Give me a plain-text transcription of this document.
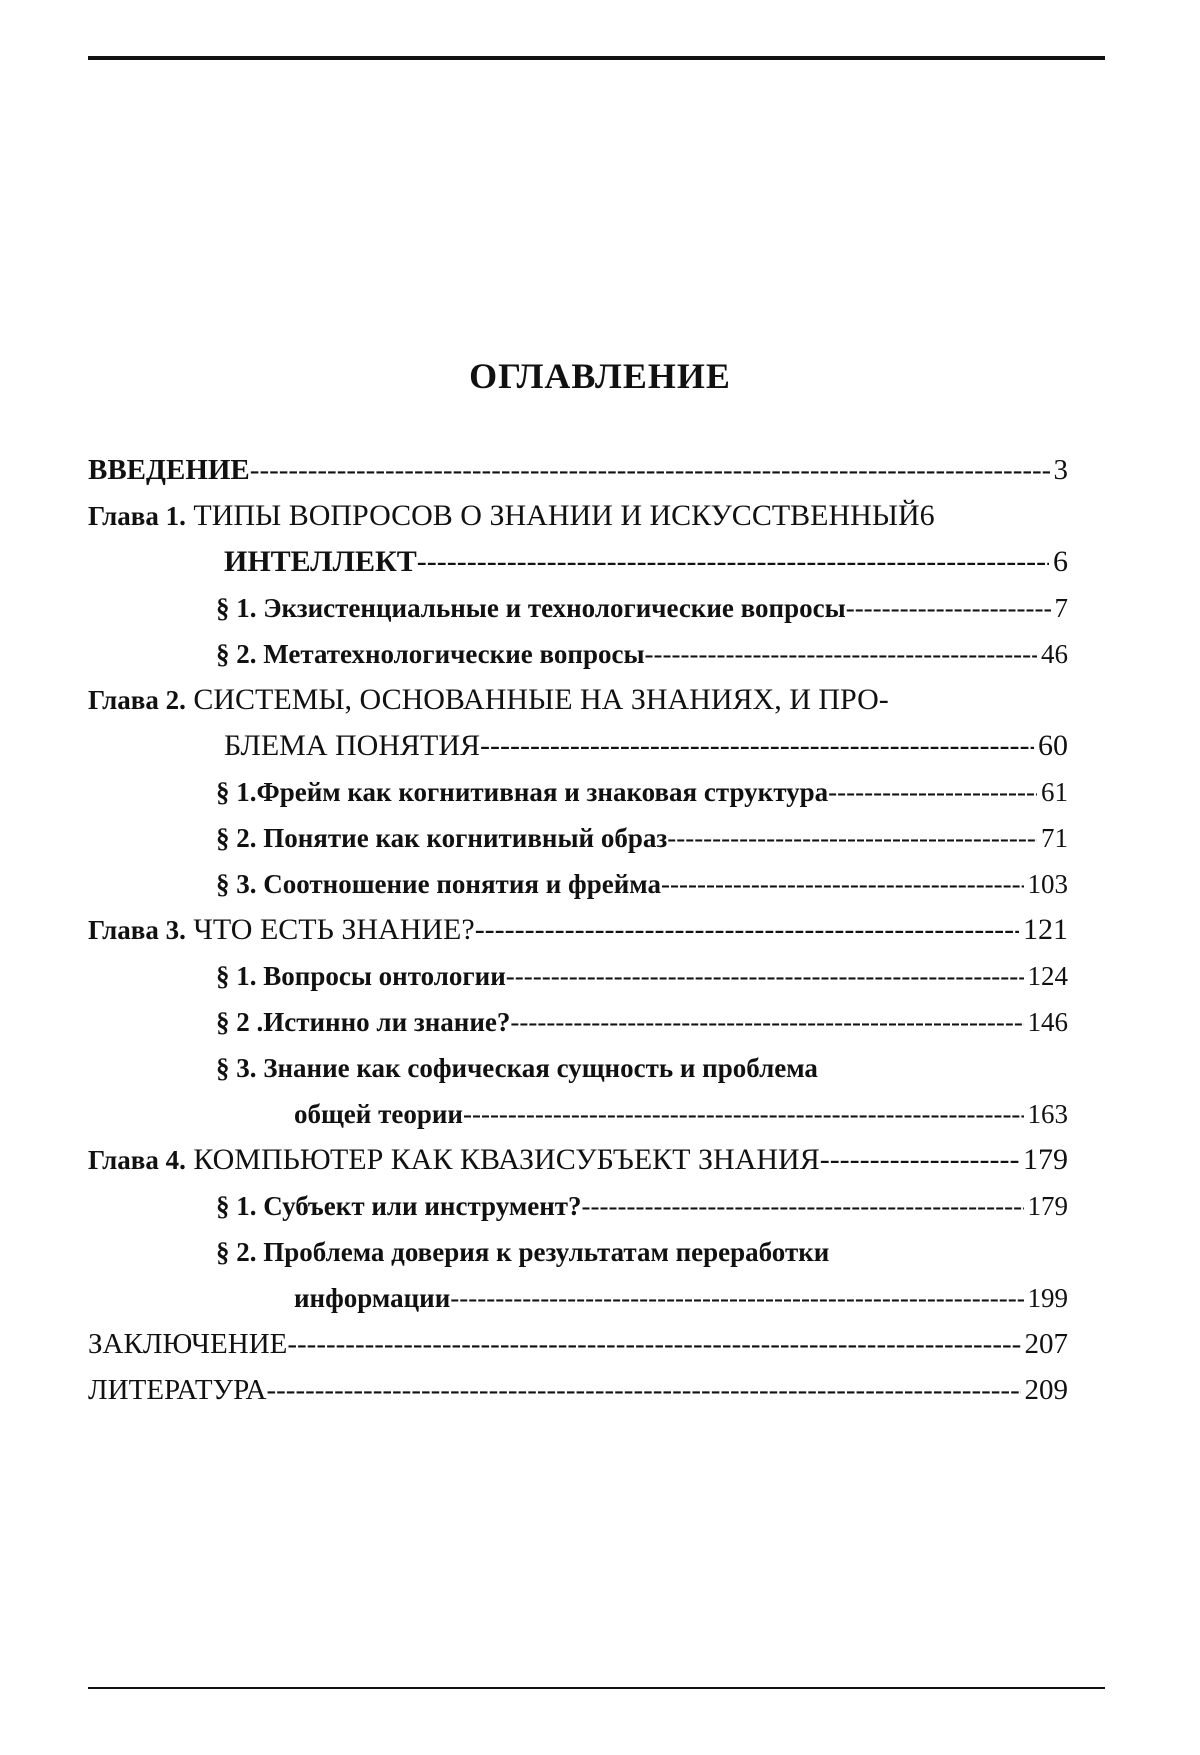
ОГЛАВЛЕНИЕ
ВВЕДЕНИЕ -----	3
Глава 1. ТИПЫ ВОПРОСОВ О ЗНАНИИ И ИСКУССТВЕННЫЙ 6
ИНТЕЛЛЕКТ -----	6
§ 1. Экзистенциальные и технологические вопросы -----	7
§ 2. Метатехнологические вопросы -----	46
Глава 2. СИСТЕМЫ, ОСНОВАННЫЕ НА ЗНАНИЯХ, И ПРО-
БЛЕМА ПОНЯТИЯ -----	60
§ 1.Фрейм как когнитивная и знаковая структура -----	61
§ 2. Понятие как когнитивный образ -----	71
§ 3. Соотношение понятия и фрейма -----	103
Глава 3. ЧТО ЕСТЬ ЗНАНИЕ? -----	121
§ 1. Вопросы онтологии -----	124
§ 2 .Истинно ли знание? -----	146
§ 3. Знание как софическая сущность и проблема
общей теории -----	163
Глава 4. КОМПЬЮТЕР КАК КВАЗИСУБЪЕКТ ЗНАНИЯ -----	179
§ 1. Субъект или инструмент? -----	179
§ 2. Проблема доверия к результатам переработки
информации -----	199
ЗАКЛЮЧЕНИЕ -----	207
ЛИТЕРАТУРА -----	209
